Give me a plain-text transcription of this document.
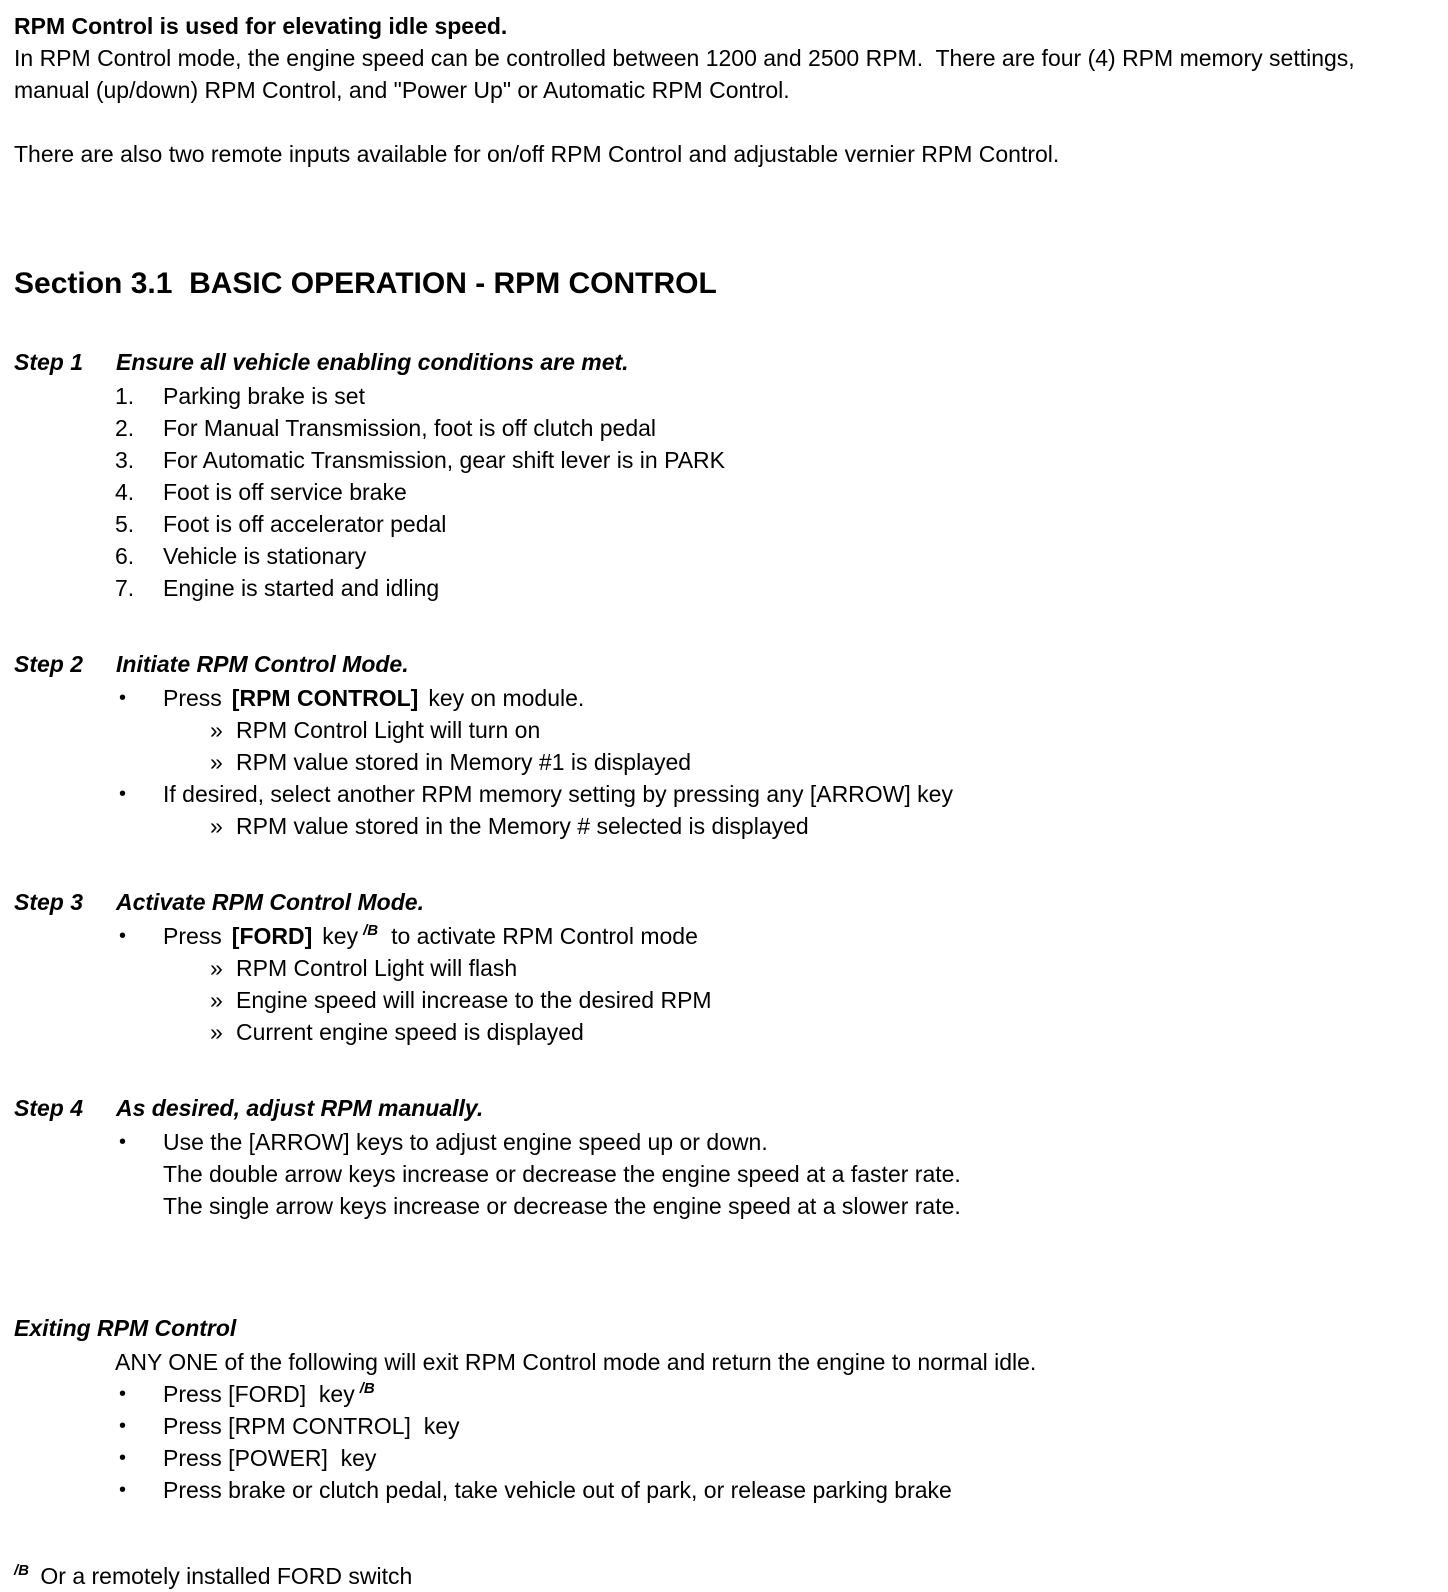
RPM Control is used for elevating idle speed.

In RPM Control mode, the engine speed can be controlled between 1200 and 2500 RPM.  There are four (4) RPM memory settings, manual (up/down) RPM Control, and "Power Up" or Automatic RPM Control.

There are also two remote inputs available for on/off RPM Control and adjustable vernier RPM Control.

Section 3.1  BASIC OPERATION - RPM CONTROL
Step 1	Ensure all vehicle enabling conditions are met.
1.	Parking brake is set
2.	For Manual Transmission, foot is off clutch pedal
3.	For Automatic Transmission, gear shift lever is in PARK
4.	Foot is off service brake
5.	Foot is off accelerator pedal
6.	Vehicle is stationary
7.	Engine is started and idling
Step 2	Initiate RPM Control Mode.
•	Press [RPM CONTROL] key on module.
» RPM Control Light will turn on
» RPM value stored in Memory #1 is displayed
•	If desired, select another RPM memory setting by pressing any [ARROW] key
» RPM value stored in the Memory # selected is displayed
Step 3	Activate RPM Control Mode.
•	Press [FORD] key $^{/B}$ to activate RPM Control mode
» RPM Control Light will flash
» Engine speed will increase to the desired RPM
» Current engine speed is displayed
Step 4	As desired, adjust RPM manually.
•	Use the [ARROW] keys to adjust engine speed up or down.
The double arrow keys increase or decrease the engine speed at a faster rate.
The single arrow keys increase or decrease the engine speed at a slower rate.
Exiting RPM Control
ANY ONE of the following will exit RPM Control mode and return the engine to normal idle.
•	Press [FORD]  key $^{/B}$
•	Press [RPM CONTROL]  key
•	Press [POWER]  key
•	Press brake or clutch pedal, take vehicle out of park, or release parking brake

$^{/B}$ Or a remotely installed FORD switch
